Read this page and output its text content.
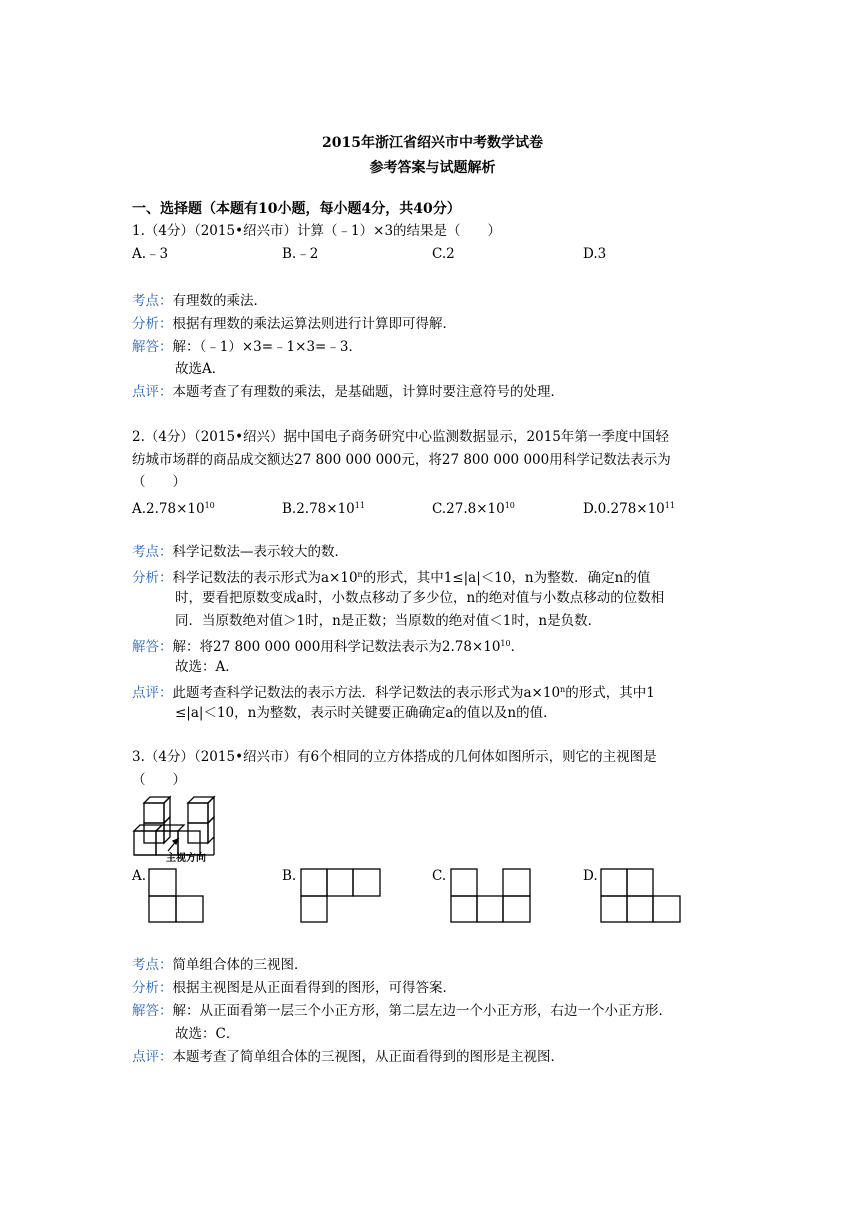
2015年浙江省绍兴市中考数学试卷
参考答案与试题解析
一、选择题（本题有10小题，每小题4分，共40分）
1.（4分）（2015•绍兴市）计算（﹣1）×3的结果是（　　）
A.﹣3	B.﹣2	C.2	D.3
考点：有理数的乘法．
分析：根据有理数的乘法运算法则进行计算即可得解．
解答：解：（﹣1）×3=﹣1×3=﹣3．
故选A．
点评：本题考查了有理数的乘法，是基础题，计算时要注意符号的处理．
2.（4分）（2015•绍兴）据中国电子商务研究中心监测数据显示，2015年第一季度中国轻
纺城市场群的商品成交额达27 800 000 000元，将27 800 000 000用科学记数法表示为
（　　）
$A.2.78\times 10^{10}$	$B.2.78\times 10^{11}$	$C.27.8\times 10^{10}$	$D.0.278\times 10^{11}$
考点：科学记数法—表示较大的数．
分析：科学记数法的表示形式为$a\times 10^n$的形式，其中1≤|a|＜10，n为整数．确定n的值
时，要看把原数变成a时，小数点移动了多少位，n的绝对值与小数点移动的位数相
同．当原数绝对值＞1时，n是正数；当原数的绝对值＜1时，n是负数．
解答：解：将27 800 000 000用科学记数法表示为$2.78\times 10^{10}$．
故选：A．
点评：此题考查科学记数法的表示方法．科学记数法的表示形式为$a\times 10^n$的形式，其中1
≤|a|＜10，n为整数，表示时关键要正确确定a的值以及n的值．
3.（4分）（2015•绍兴市）有6个相同的立方体搭成的几何体如图所示，则它的主视图是
（　　）
主视方向
A.	B.	C.	D.
考点：简单组合体的三视图．
分析：根据主视图是从正面看得到的图形，可得答案．
解答：解：从正面看第一层三个小正方形，第二层左边一个小正方形，右边一个小正方形．
故选：C．
点评：本题考查了简单组合体的三视图，从正面看得到的图形是主视图．
